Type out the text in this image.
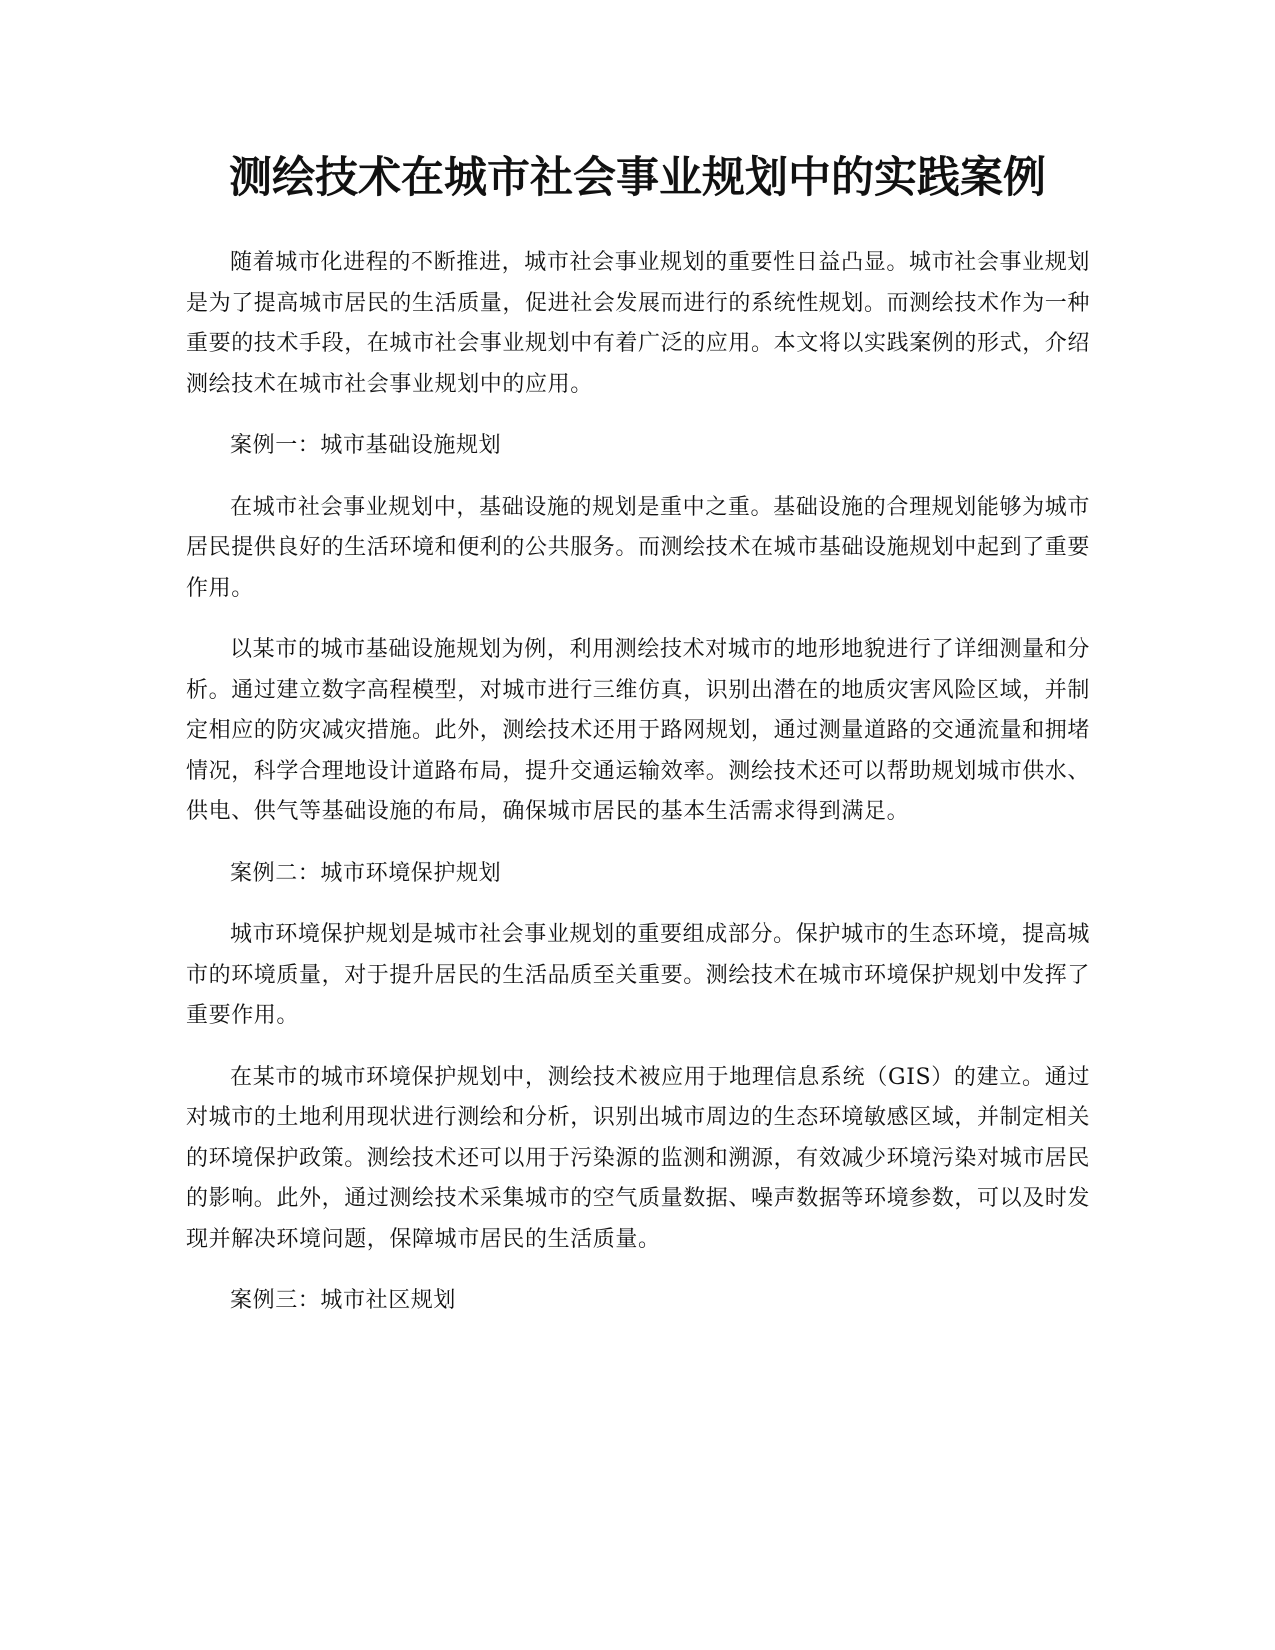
测绘技术在城市社会事业规划中的实践案例

随着城市化进程的不断推进，城市社会事业规划的重要性日益凸显。城市社会事业规划是为了提高城市居民的生活质量，促进社会发展而进行的系统性规划。而测绘技术作为一种重要的技术手段，在城市社会事业规划中有着广泛的应用。本文将以实践案例的形式，介绍测绘技术在城市社会事业规划中的应用。

案例一：城市基础设施规划

在城市社会事业规划中，基础设施的规划是重中之重。基础设施的合理规划能够为城市居民提供良好的生活环境和便利的公共服务。而测绘技术在城市基础设施规划中起到了重要作用。

以某市的城市基础设施规划为例，利用测绘技术对城市的地形地貌进行了详细测量和分析。通过建立数字高程模型，对城市进行三维仿真，识别出潜在的地质灾害风险区域，并制定相应的防灾减灾措施。此外，测绘技术还用于路网规划，通过测量道路的交通流量和拥堵情况，科学合理地设计道路布局，提升交通运输效率。测绘技术还可以帮助规划城市供水、供电、供气等基础设施的布局，确保城市居民的基本生活需求得到满足。

案例二：城市环境保护规划

城市环境保护规划是城市社会事业规划的重要组成部分。保护城市的生态环境，提高城市的环境质量，对于提升居民的生活品质至关重要。测绘技术在城市环境保护规划中发挥了重要作用。

在某市的城市环境保护规划中，测绘技术被应用于地理信息系统（GIS）的建立。通过对城市的土地利用现状进行测绘和分析，识别出城市周边的生态环境敏感区域，并制定相关的环境保护政策。测绘技术还可以用于污染源的监测和溯源，有效减少环境污染对城市居民的影响。此外，通过测绘技术采集城市的空气质量数据、噪声数据等环境参数，可以及时发现并解决环境问题，保障城市居民的生活质量。

案例三：城市社区规划
